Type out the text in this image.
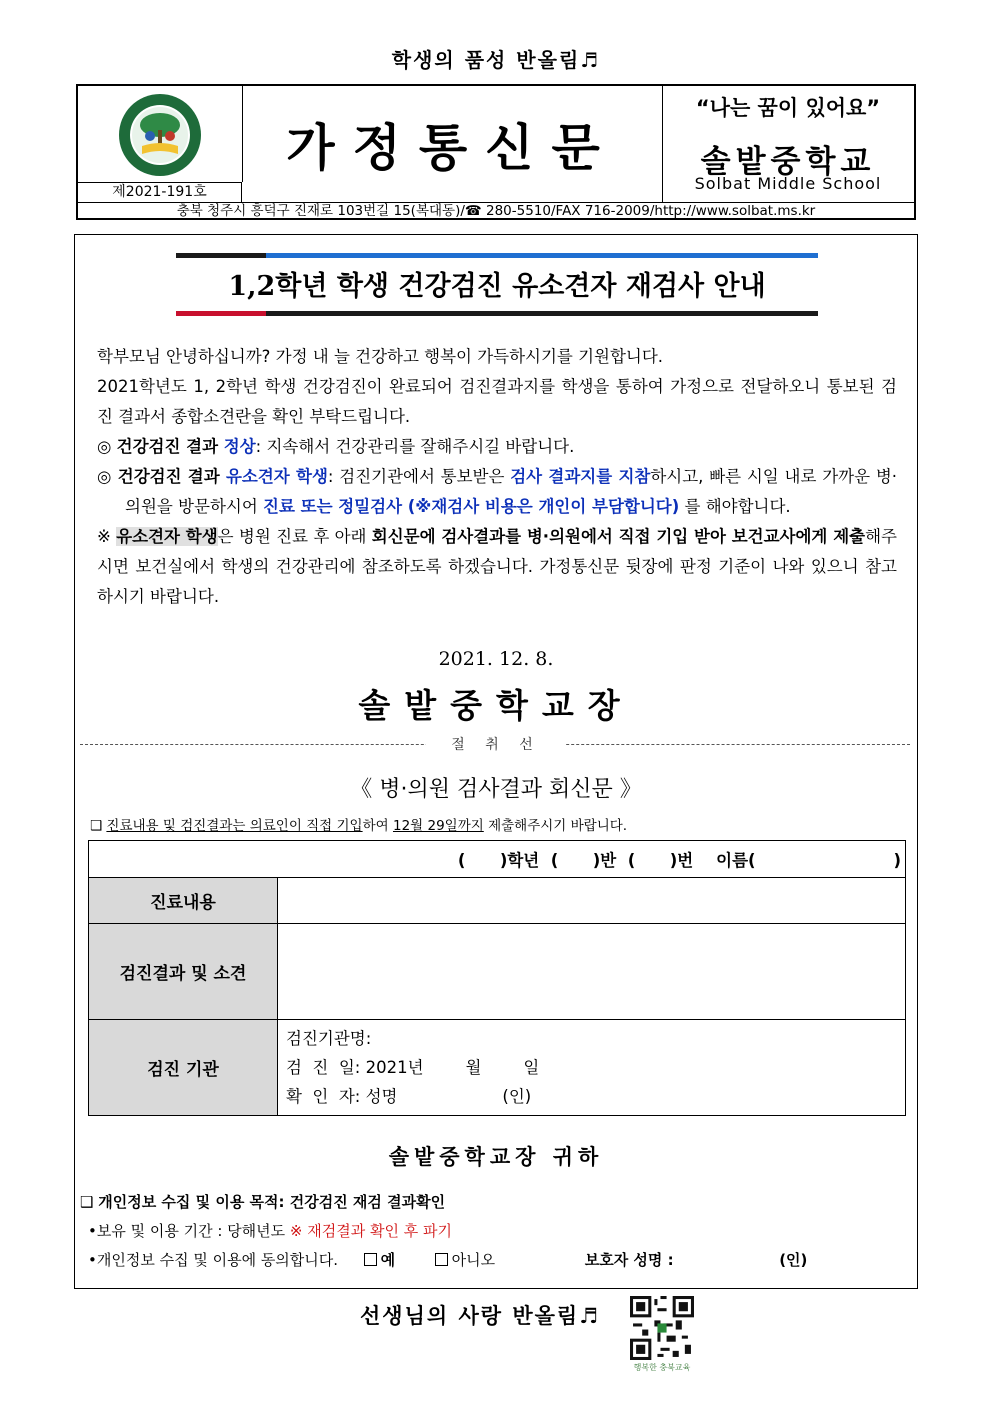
학생의 품성 반올림♬
제2021-191호
가정통신문
“나는 꿈이 있어요”
솔밭중학교
Solbat Middle School
충북 청주시 흥덕구 진재로 103번길 15(복대동)/☎ 280-5510/FAX 716-2009/http://www.solbat.ms.kr
1,2학년 학생 건강검진 유소견자 재검사 안내

학부모님 안녕하십니까? 가정 내 늘 건강하고 행복이 가득하시기를 기원합니다.

2021학년도 1, 2학년 학생 건강검진이 완료되어 검진결과지를 학생을 통하여 가정으로 전달하오니 통보된 검진 결과서 종합소견란을 확인 부탁드립니다.

◎ 건강검진 결과 정상: 지속해서 건강관리를 잘해주시길 바랍니다.

◎ 건강검진 결과 유소견자 학생: 검진기관에서 통보받은 검사 결과지를 지참하시고, 빠른 시일 내로 가까운 병·의원을 방문하시어 진료 또는 정밀검사 (※재검사 비용은 개인이 부담합니다) 를 해야합니다.

※ 유소견자 학생은 병원 진료 후 아래 회신문에 검사결과를 병·의원에서 직접 기입 받아 보건교사에게 제출해주시면 보건실에서 학생의 건강관리에 참조하도록 하겠습니다. 가정통신문 뒷장에 판정 기준이 나와 있으니 참고하시기 바랍니다.

2021. 12. 8.
솔밭중학교장
절 취 선
《 병·의원 검사결과 회신문 》
❑ 진료내용 및 검진결과는 의료인이 직접 기입하여 12월 29일까지 제출해주시기 바랍니다.
(      )학년  (      )반  (      )번    이름(                        )	
진료내용	
검진결과 및 소견	
검진 기관	검진기관명:
검  진  일: 2021년        월        일
확  인  자: 성명                    (인)
솔밭중학교장 귀하
❑ 개인정보 수집 및 이용 목적: 건강검진 재검 결과확인
•보유 및 이용 기간 : 당해년도 ※ 재검결과 확인 후 파기
•개인정보 수집 및 이용에 동의합니다.	예	아니오	보호자 성명 :	(인)
선생님의 사랑 반올림♬
행복한 충북교육
